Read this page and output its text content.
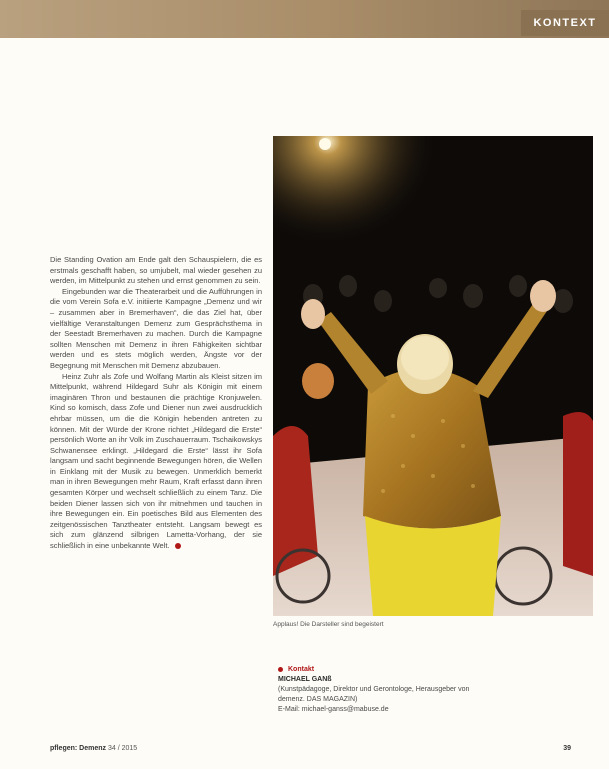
KONTEXT

Die Standing Ovation am Ende galt den Schauspielern, die es erstmals geschafft haben, so umjubelt, mal wieder gesehen zu werden, im Mittelpunkt zu stehen und ernst genommen zu sein.

Eingebunden war die Theaterarbeit und die Aufführungen in die vom Verein Sofa e.V. initiierte Kampagne „Demenz und wir – zusammen aber in Bremerhaven“, die das Ziel hat, über vielfältige Veranstaltungen Demenz zum Gesprächsthema in der Seestadt Bremerhaven zu machen. Durch die Kampagne sollten Menschen mit Demenz in ihren Fähigkeiten sichtbar werden und es stets möglich werden, Ängste vor der Begegnung mit Menschen mit Demenz abzubauen.

Heinz Zuhr als Zofe und Wolfang Martin als Kleist sitzen im Mittelpunkt, während Hildegard Suhr als Königin mit einem imaginären Thron und bestaunen die prächtige Kronjuwelen. Kind so komisch, dass Zofe und Diener nun zwei ausdrucklich ehrbar müssen, um die die Königin hebenden antreten zu können. Mit der Würde der Krone richtet „Hildegard die Erste“ persönlich Worte an ihr Volk im Zuschauerraum. Tschaikowskys Schwanensee erklingt. „Hildegard die Erste“ lässt ihr Sofa langsam und sacht beginnende Bewegungen hören, die Wellen in Einklang mit der Musik zu bewegen. Unmerklich bemerkt man in ihren Bewegungen mehr Raum, Kraft erfasst dann ihren gesamten Körper und wechselt schließlich zu einem Tanz. Die beiden Diener lassen sich von ihr mitnehmen und tauchen in ihre Bewegungen ein. Ein poetisches Bild aus Elementen des zeitgenössischen Tanztheater entsteht. Langsam bewegt es sich zum glänzend silbrigen Lametta-Vorhang, der sie schließlich in eine unbekannte Welt.

Applaus! Die Darsteller sind begeistert
Kontakt
MICHAEL GANß
(Kunstpädagoge, Direktor und Gerontologe, Herausgeber von
demenz. DAS MAGAZIN)
E-Mail: michael-ganss@mabuse.de
pflegen: Demenz 34 / 2015	39
